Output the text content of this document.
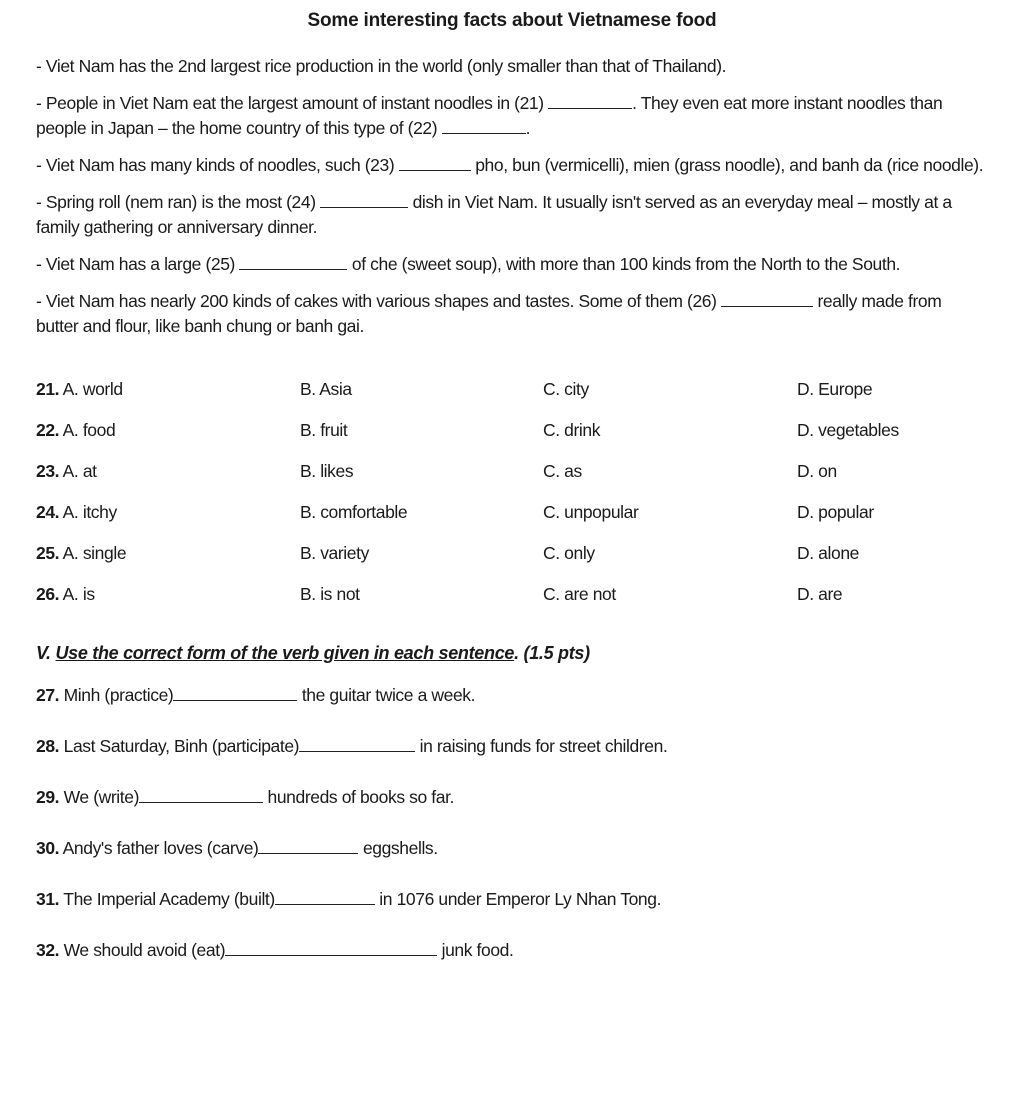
Some interesting facts about Vietnamese food
- Viet Nam has the 2nd largest rice production in the world (only smaller than that of Thailand).
- People in Viet Nam eat the largest amount of instant noodles in (21)	. They even eat more instant noodles than people in Japan – the home country of this type of (22)	.
- Viet Nam has many kinds of noodles, such (23)	pho, bun (vermicelli), mien (grass noodle), and banh da (rice noodle).
- Spring roll (nem ran) is the most (24)	dish in Viet Nam. It usually isn't served as an everyday meal – mostly at a family gathering or anniversary dinner.
- Viet Nam has a large (25)	of che (sweet soup), with more than 100 kinds from the North to the South.
- Viet Nam has nearly 200 kinds of cakes with various shapes and tastes. Some of them (26)	really made from butter and flour, like banh chung or banh gai.
21. A. world	B. Asia	C. city	D. Europe
22. A. food	B. fruit	C. drink	D. vegetables
23. A. at	B. likes	C. as	D. on
24. A. itchy	B. comfortable	C. unpopular	D. popular
25. A. single	B. variety	C. only	D. alone
26. A. is	B. is not	C. are not	D. are
V. Use the correct form of the verb given in each sentence. (1.5 pts)
27. Minh (practice)	the guitar twice a week.
28. Last Saturday, Binh (participate)	in raising funds for street children.
29. We (write)	hundreds of books so far.
30. Andy's father loves (carve)	eggshells.
31. The Imperial Academy (built)	in 1076 under Emperor Ly Nhan Tong.
32. We should avoid (eat)	junk food.
